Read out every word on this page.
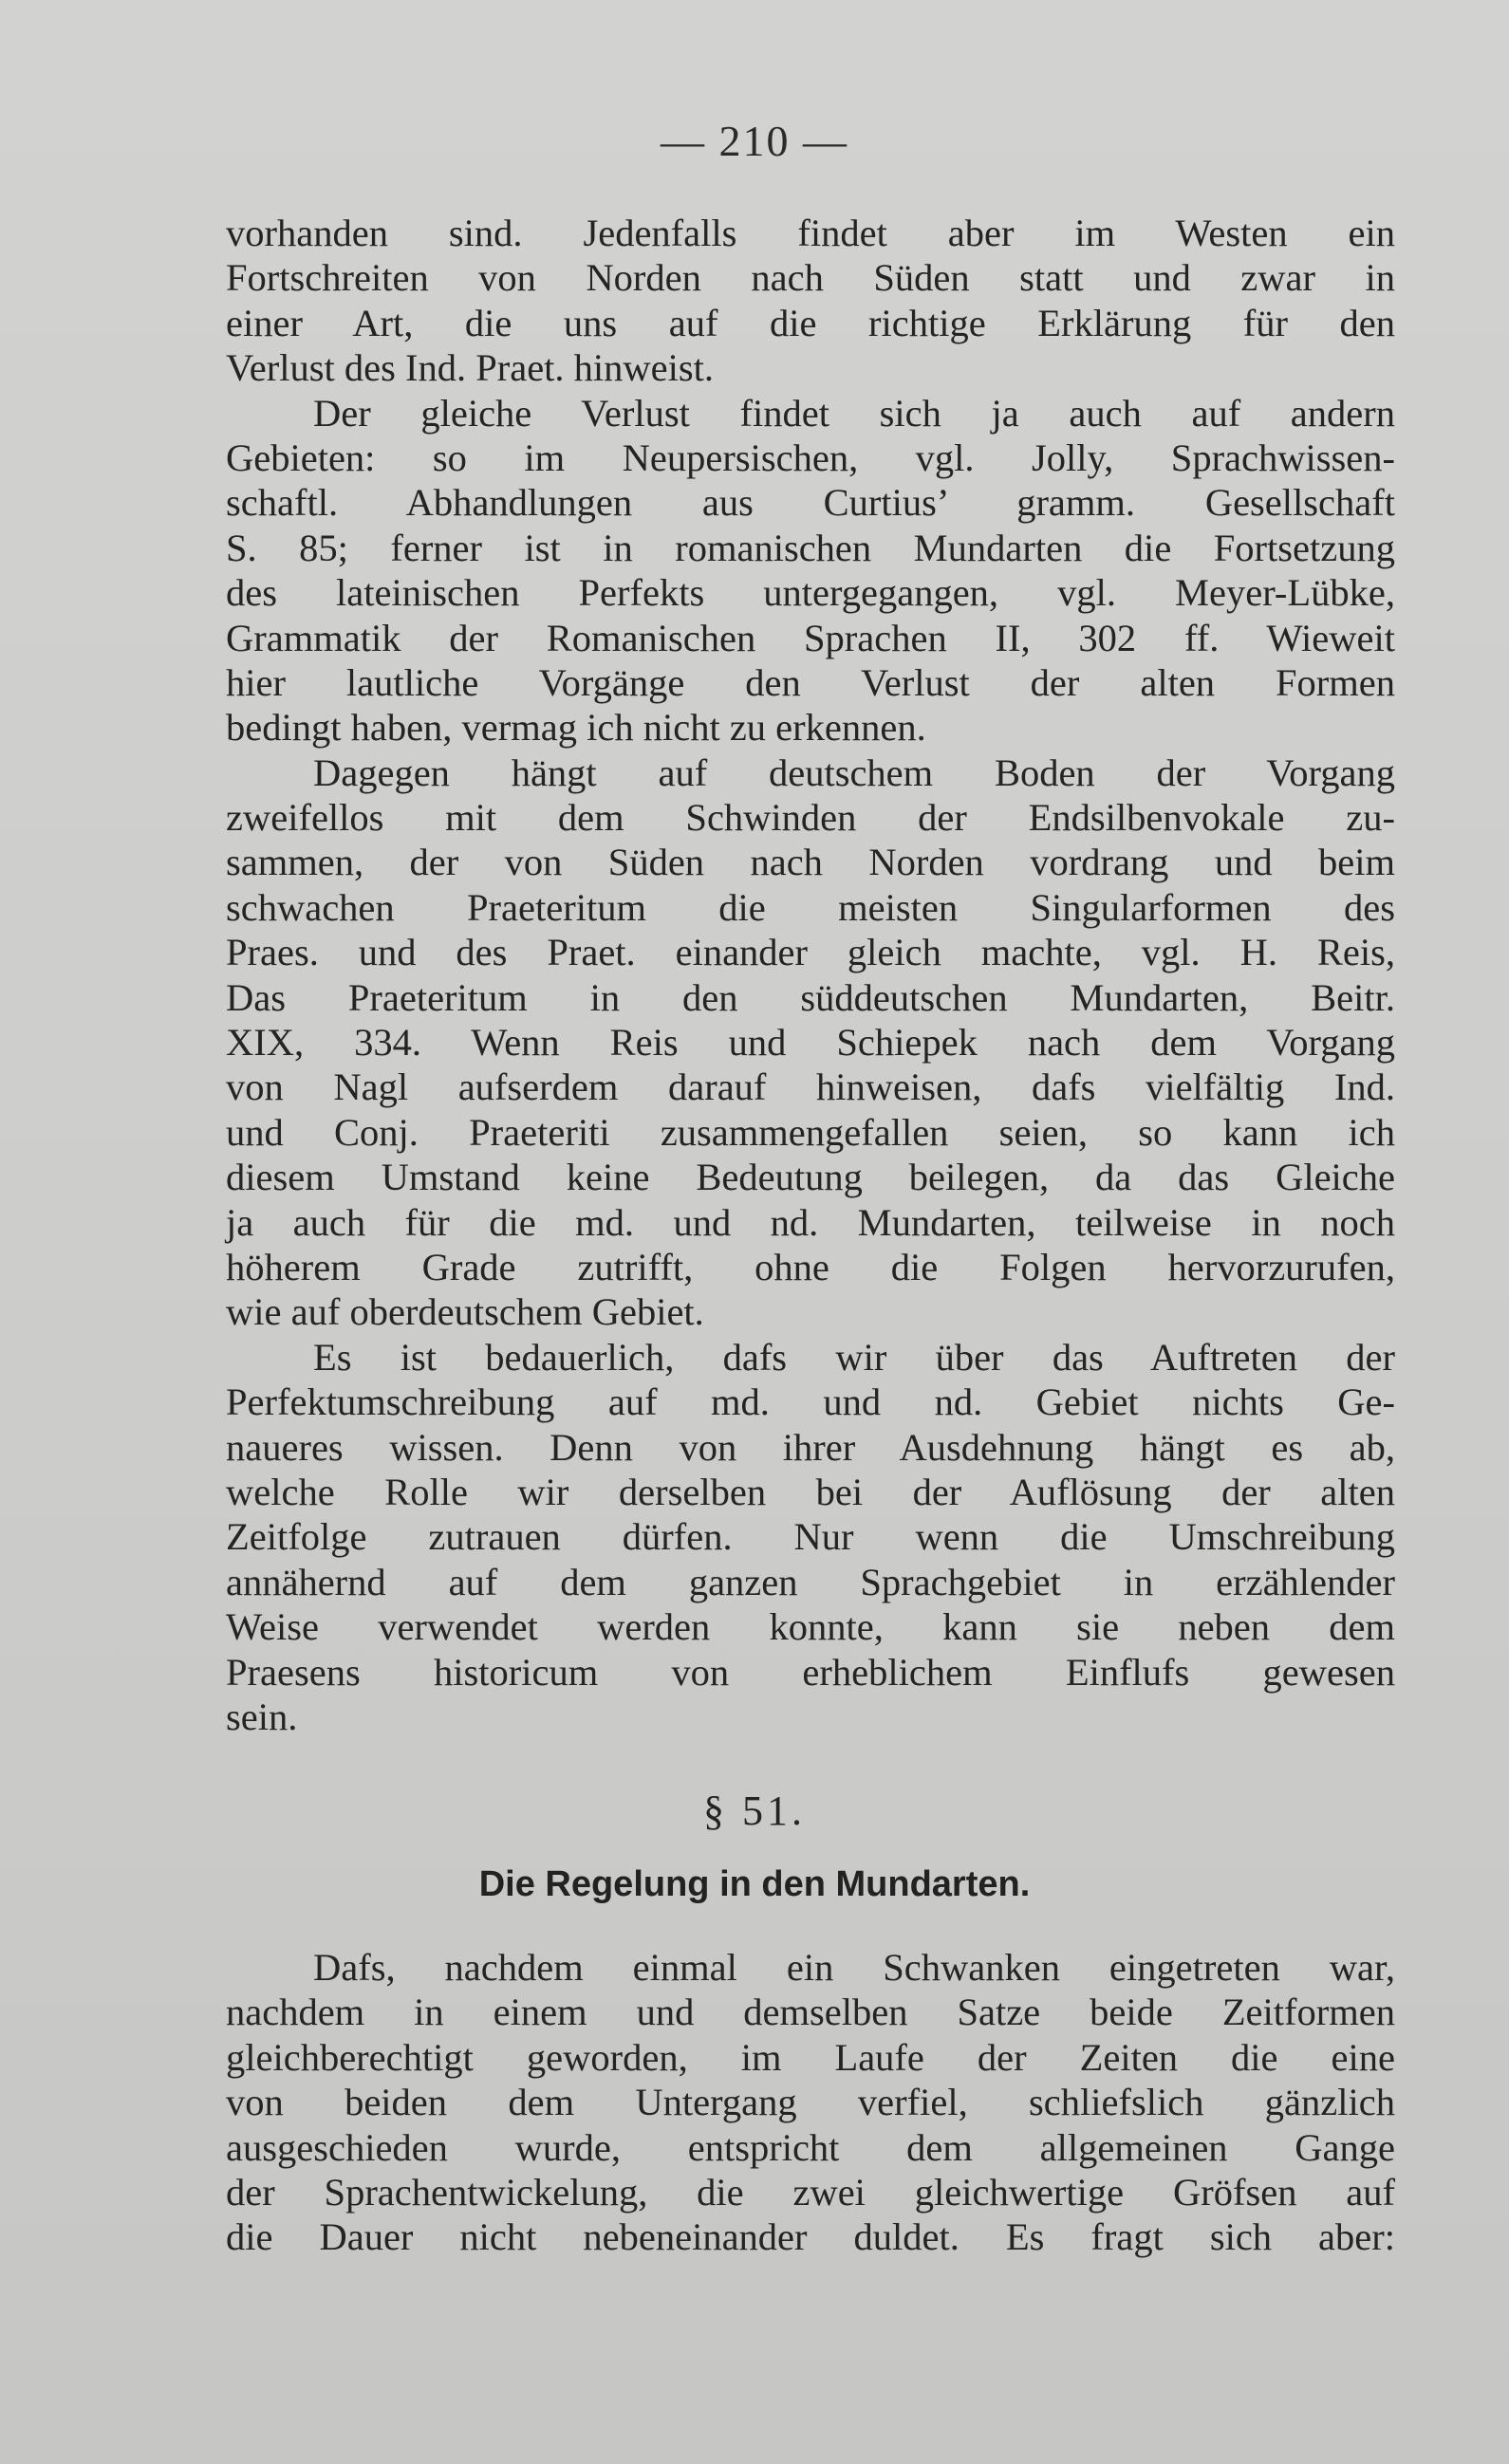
— 210 —
vorhanden sind. Jedenfalls findet aber im Westen ein
Fortschreiten von Norden nach Süden statt und zwar in
einer Art, die uns auf die richtige Erklärung für den
Verlust des Ind. Praet. hinweist.
Der gleiche Verlust findet sich ja auch auf andern
Gebieten: so im Neupersischen, vgl. Jolly, Sprachwissen-
schaftl. Abhandlungen aus Curtius’ gramm. Gesellschaft
S. 85; ferner ist in romanischen Mundarten die Fortsetzung
des lateinischen Perfekts untergegangen, vgl. Meyer-Lübke,
Grammatik der Romanischen Sprachen II, 302 ff. Wieweit
hier lautliche Vorgänge den Verlust der alten Formen
bedingt haben, vermag ich nicht zu erkennen.
Dagegen hängt auf deutschem Boden der Vorgang
zweifellos mit dem Schwinden der Endsilbenvokale zu-
sammen, der von Süden nach Norden vordrang und beim
schwachen Praeteritum die meisten Singularformen des
Praes. und des Praet. einander gleich machte, vgl. H. Reis,
Das Praeteritum in den süddeutschen Mundarten, Beitr.
XIX, 334. Wenn Reis und Schiepek nach dem Vorgang
von Nagl aufserdem darauf hinweisen, dafs vielfältig Ind.
und Conj. Praeteriti zusammengefallen seien, so kann ich
diesem Umstand keine Bedeutung beilegen, da das Gleiche
ja auch für die md. und nd. Mundarten, teilweise in noch
höherem Grade zutrifft, ohne die Folgen hervorzurufen,
wie auf oberdeutschem Gebiet.
Es ist bedauerlich, dafs wir über das Auftreten der
Perfektumschreibung auf md. und nd. Gebiet nichts Ge-
naueres wissen. Denn von ihrer Ausdehnung hängt es ab,
welche Rolle wir derselben bei der Auflösung der alten
Zeitfolge zutrauen dürfen. Nur wenn die Umschreibung
annähernd auf dem ganzen Sprachgebiet in erzählender
Weise verwendet werden konnte, kann sie neben dem
Praesens historicum von erheblichem Einflufs gewesen
sein.
§ 51.
Die Regelung in den Mundarten.
Dafs, nachdem einmal ein Schwanken eingetreten war,
nachdem in einem und demselben Satze beide Zeitformen
gleichberechtigt geworden, im Laufe der Zeiten die eine
von beiden dem Untergang verfiel, schliefslich gänzlich
ausgeschieden wurde, entspricht dem allgemeinen Gange
der Sprachentwickelung, die zwei gleichwertige Gröfsen auf
die Dauer nicht nebeneinander duldet. Es fragt sich aber:
